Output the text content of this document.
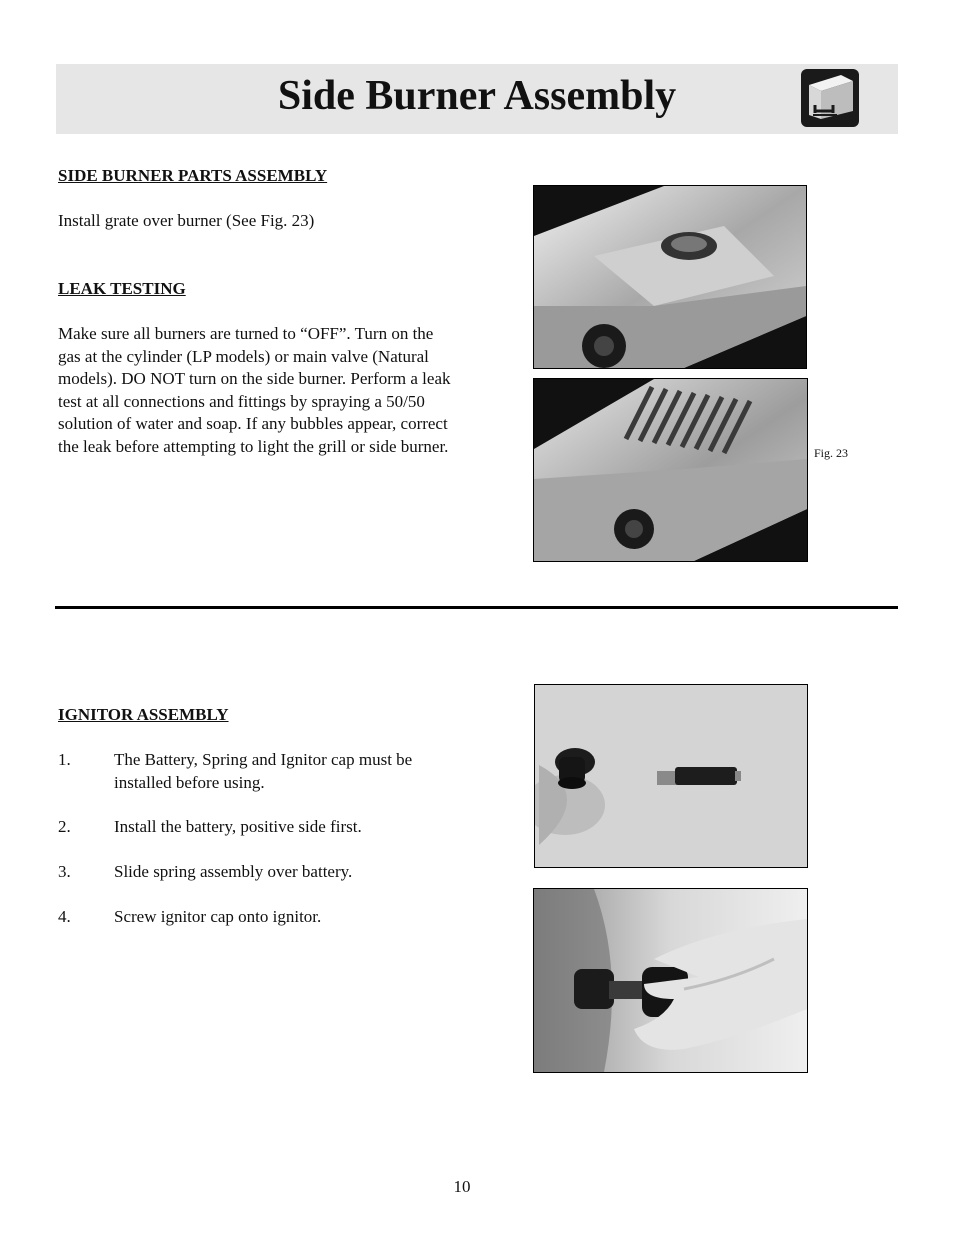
Side Burner Assembly

SIDE BURNER PARTS ASSEMBLY

Install grate over burner (See Fig. 23)

LEAK TESTING

Make sure all burners are turned to “OFF”. Turn on the gas at the cylinder (LP models) or main valve (Natural models). DO NOT turn on the side burner. Perform a leak test at all connections and fittings by spraying a 50/50 solution of water and soap. If any bubbles appear, correct the leak before attempting to light the grill or side burner.	Fig. 23

IGNITOR ASSEMBLY

1.	The Battery, Spring and Ignitor cap must be installed before using.
2.	Install the battery, positive side first.
3.	Slide spring assembly over battery.
4.	Screw ignitor cap onto ignitor.
10
